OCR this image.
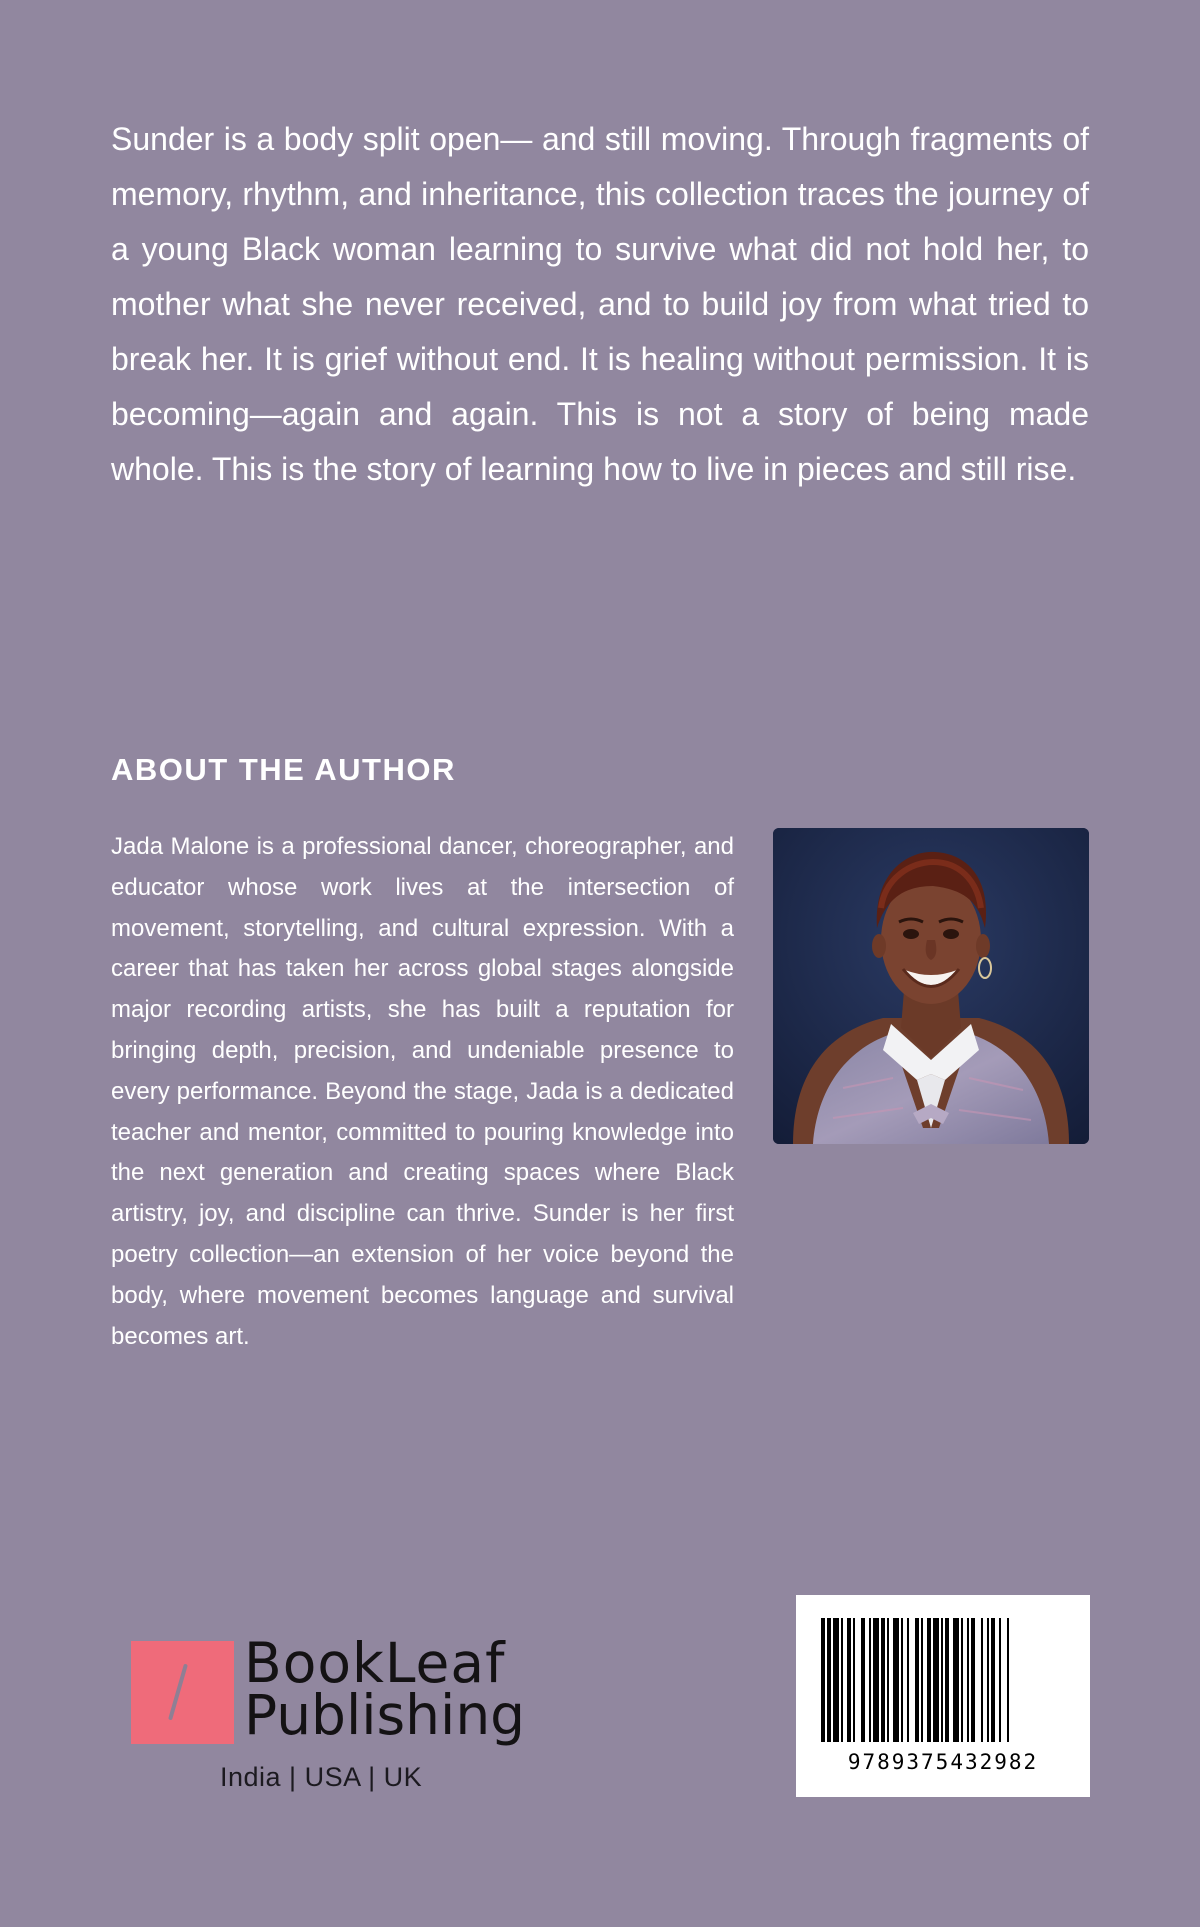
Sunder is a body split open— and still moving. Through fragments of memory, rhythm, and inheritance, this collection traces the journey of a young Black woman learning to survive what did not hold her, to mother what she never received, and to build joy from what tried to break her. It is grief without end. It is healing without permission. It is becoming—again and again. This is not a story of being made whole. This is the story of learning how to live in pieces and still rise.

ABOUT THE AUTHOR

Jada Malone is a professional dancer, choreographer, and educator whose work lives at the intersection of movement, storytelling, and cultural expression. With a career that has taken her across global stages alongside major recording artists, she has built a reputation for bringing depth, precision, and undeniable presence to every performance. Beyond the stage, Jada is a dedicated teacher and mentor, committed to pouring knowledge into the next generation and creating spaces where Black artistry, joy, and discipline can thrive. Sunder is her first poetry collection—an extension of her voice beyond the body, where movement becomes language and survival becomes art.

BookLeaf
Publishing
India | USA | UK	9789375432982
